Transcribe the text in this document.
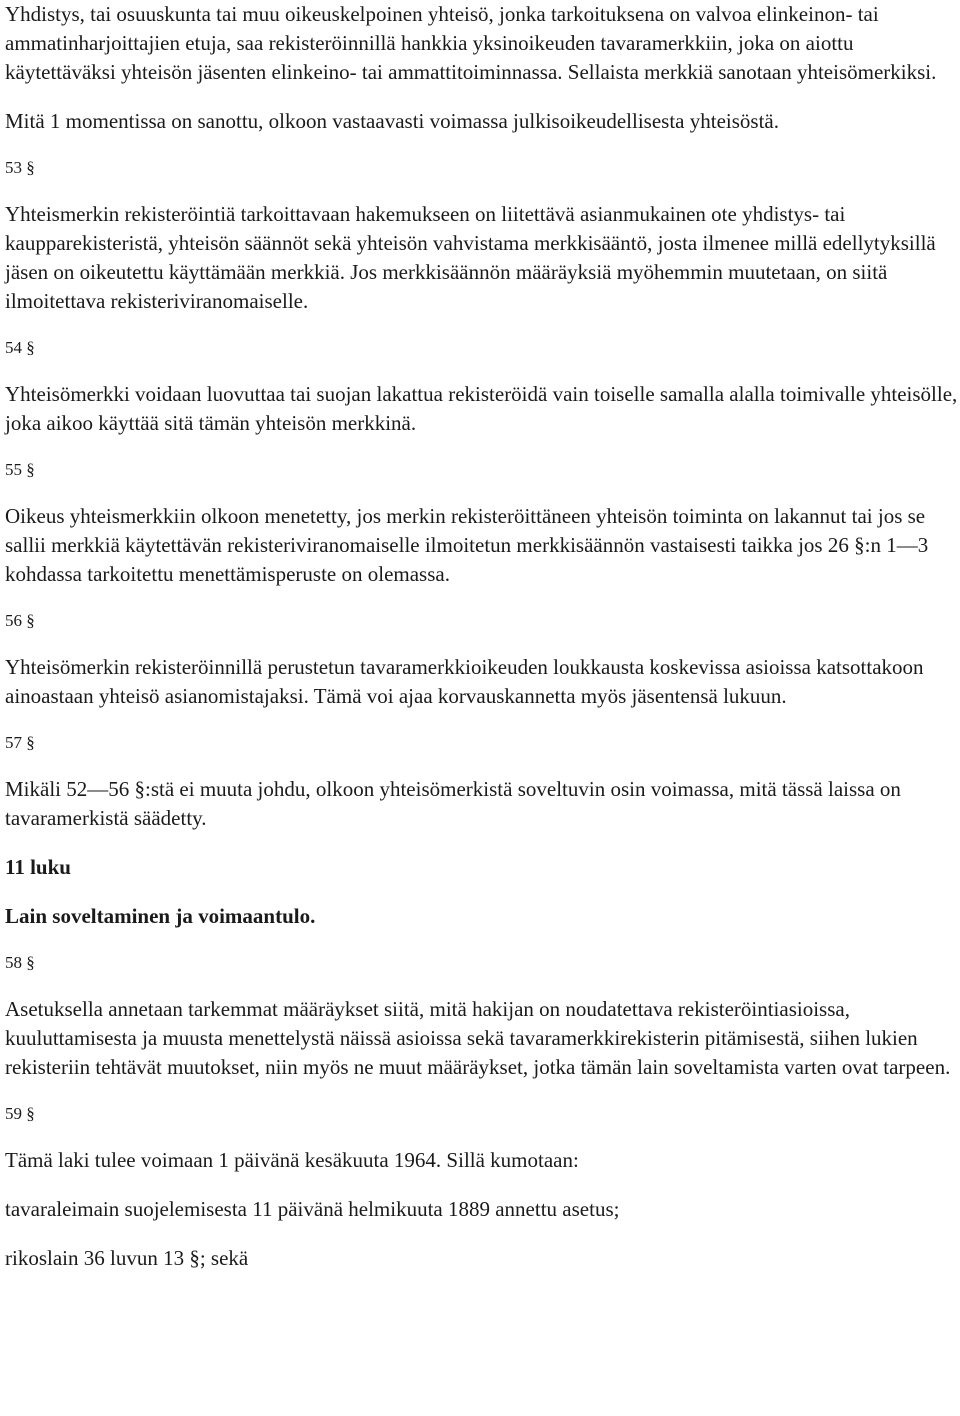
Yhdistys, tai osuuskunta tai muu oikeuskelpoinen yhteisö, jonka tarkoituksena on valvoa elinkeinon- tai ammatinharjoittajien etuja, saa rekisteröinnillä hankkia yksinoikeuden tavaramerkkiin, joka on aiottu käytettäväksi yhteisön jäsenten elinkeino- tai ammattitoiminnassa. Sellaista merkkiä sanotaan yhteisömerkiksi.

Mitä 1 momentissa on sanottu, olkoon vastaavasti voimassa julkisoikeudellisesta yhteisöstä.

53 §

Yhteismerkin rekisteröintiä tarkoittavaan hakemukseen on liitettävä asianmukainen ote yhdistys- tai kaupparekisteristä, yhteisön säännöt sekä yhteisön vahvistama merkkisääntö, josta ilmenee millä edellytyksillä jäsen on oikeutettu käyttämään merkkiä. Jos merkkisäännön määräyksiä myöhemmin muutetaan, on siitä ilmoitettava rekisteriviranomaiselle.

54 §

Yhteisömerkki voidaan luovuttaa tai suojan lakattua rekisteröidä vain toiselle samalla alalla toimivalle yhteisölle, joka aikoo käyttää sitä tämän yhteisön merkkinä.

55 §

Oikeus yhteismerkkiin olkoon menetetty, jos merkin rekisteröittäneen yhteisön toiminta on lakannut tai jos se sallii merkkiä käytettävän rekisteriviranomaiselle ilmoitetun merkkisäännön vastaisesti taikka jos 26 §:n 1—3 kohdassa tarkoitettu menettämisperuste on olemassa.

56 §

Yhteisömerkin rekisteröinnillä perustetun tavaramerkkioikeuden loukkausta koskevissa asioissa katsottakoon ainoastaan yhteisö asianomistajaksi. Tämä voi ajaa korvauskannetta myös jäsentensä lukuun.

57 §

Mikäli 52—56 §:stä ei muuta johdu, olkoon yhteisömerkistä soveltuvin osin voimassa, mitä tässä laissa on tavaramerkistä säädetty.

11 luku

Lain soveltaminen ja voimaantulo.

58 §

Asetuksella annetaan tarkemmat määräykset siitä, mitä hakijan on noudatettava rekisteröintiasioissa, kuuluttamisesta ja muusta menettelystä näissä asioissa sekä tavaramerkkirekisterin pitämisestä, siihen lukien rekisteriin tehtävät muutokset, niin myös ne muut määräykset, jotka tämän lain soveltamista varten ovat tarpeen.

59 §

Tämä laki tulee voimaan 1 päivänä kesäkuuta 1964. Sillä kumotaan:

tavaraleimain suojelemisesta 11 päivänä helmikuuta 1889 annettu asetus;

rikoslain 36 luvun 13 §; sekä
